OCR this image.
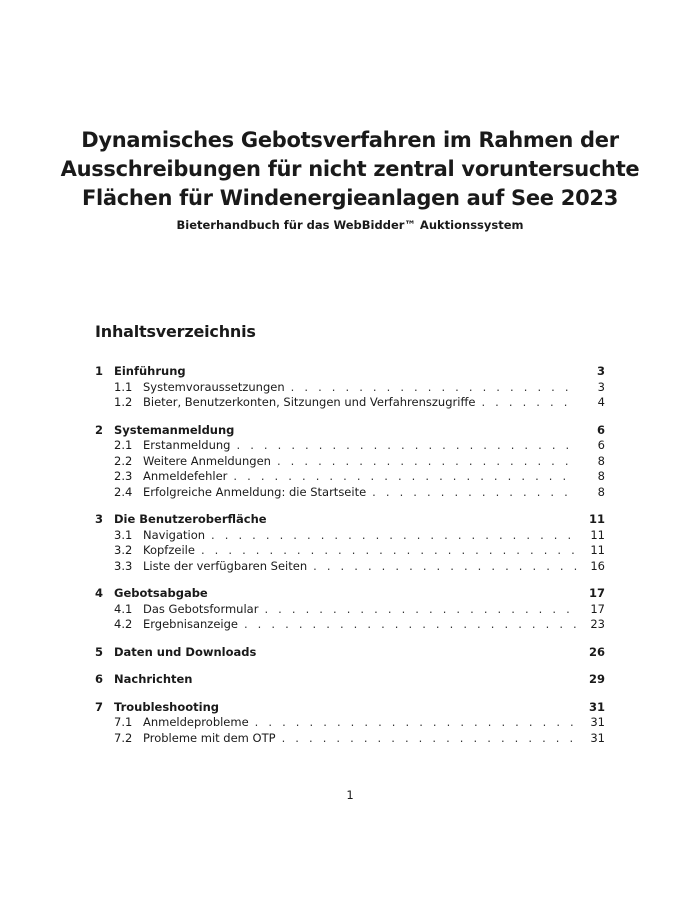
Dynamisches Gebotsverfahren im Rahmen der Ausschreibungen für nicht zentral voruntersuchte Flächen für Windenergieanlagen auf See 2023
Bieterhandbuch für das WebBidder™ Auktionssystem
Inhaltsverzeichnis
1 Einführung	3
1.1 Systemvoraussetzungen . . .	3
1.2 Bieter, Benutzerkonten, Sitzungen und Verfahrenszugriffe . . .	4
2 Systemanmeldung	6
2.1 Erstanmeldung . . .	6
2.2 Weitere Anmeldungen . . .	8
2.3 Anmeldefehler . . .	8
2.4 Erfolgreiche Anmeldung: die Startseite . . .	8
3 Die Benutzeroberfläche	11
3.1 Navigation . . .	11
3.2 Kopfzeile . . .	11
3.3 Liste der verfügbaren Seiten . . .	16
4 Gebotsabgabe	17
4.1 Das Gebotsformular . . .	17
4.2 Ergebnisanzeige . . .	23
5 Daten und Downloads	26
6 Nachrichten	29
7 Troubleshooting	31
7.1 Anmeldeprobleme . . .	31
7.2 Probleme mit dem OTP . . .	31
1
